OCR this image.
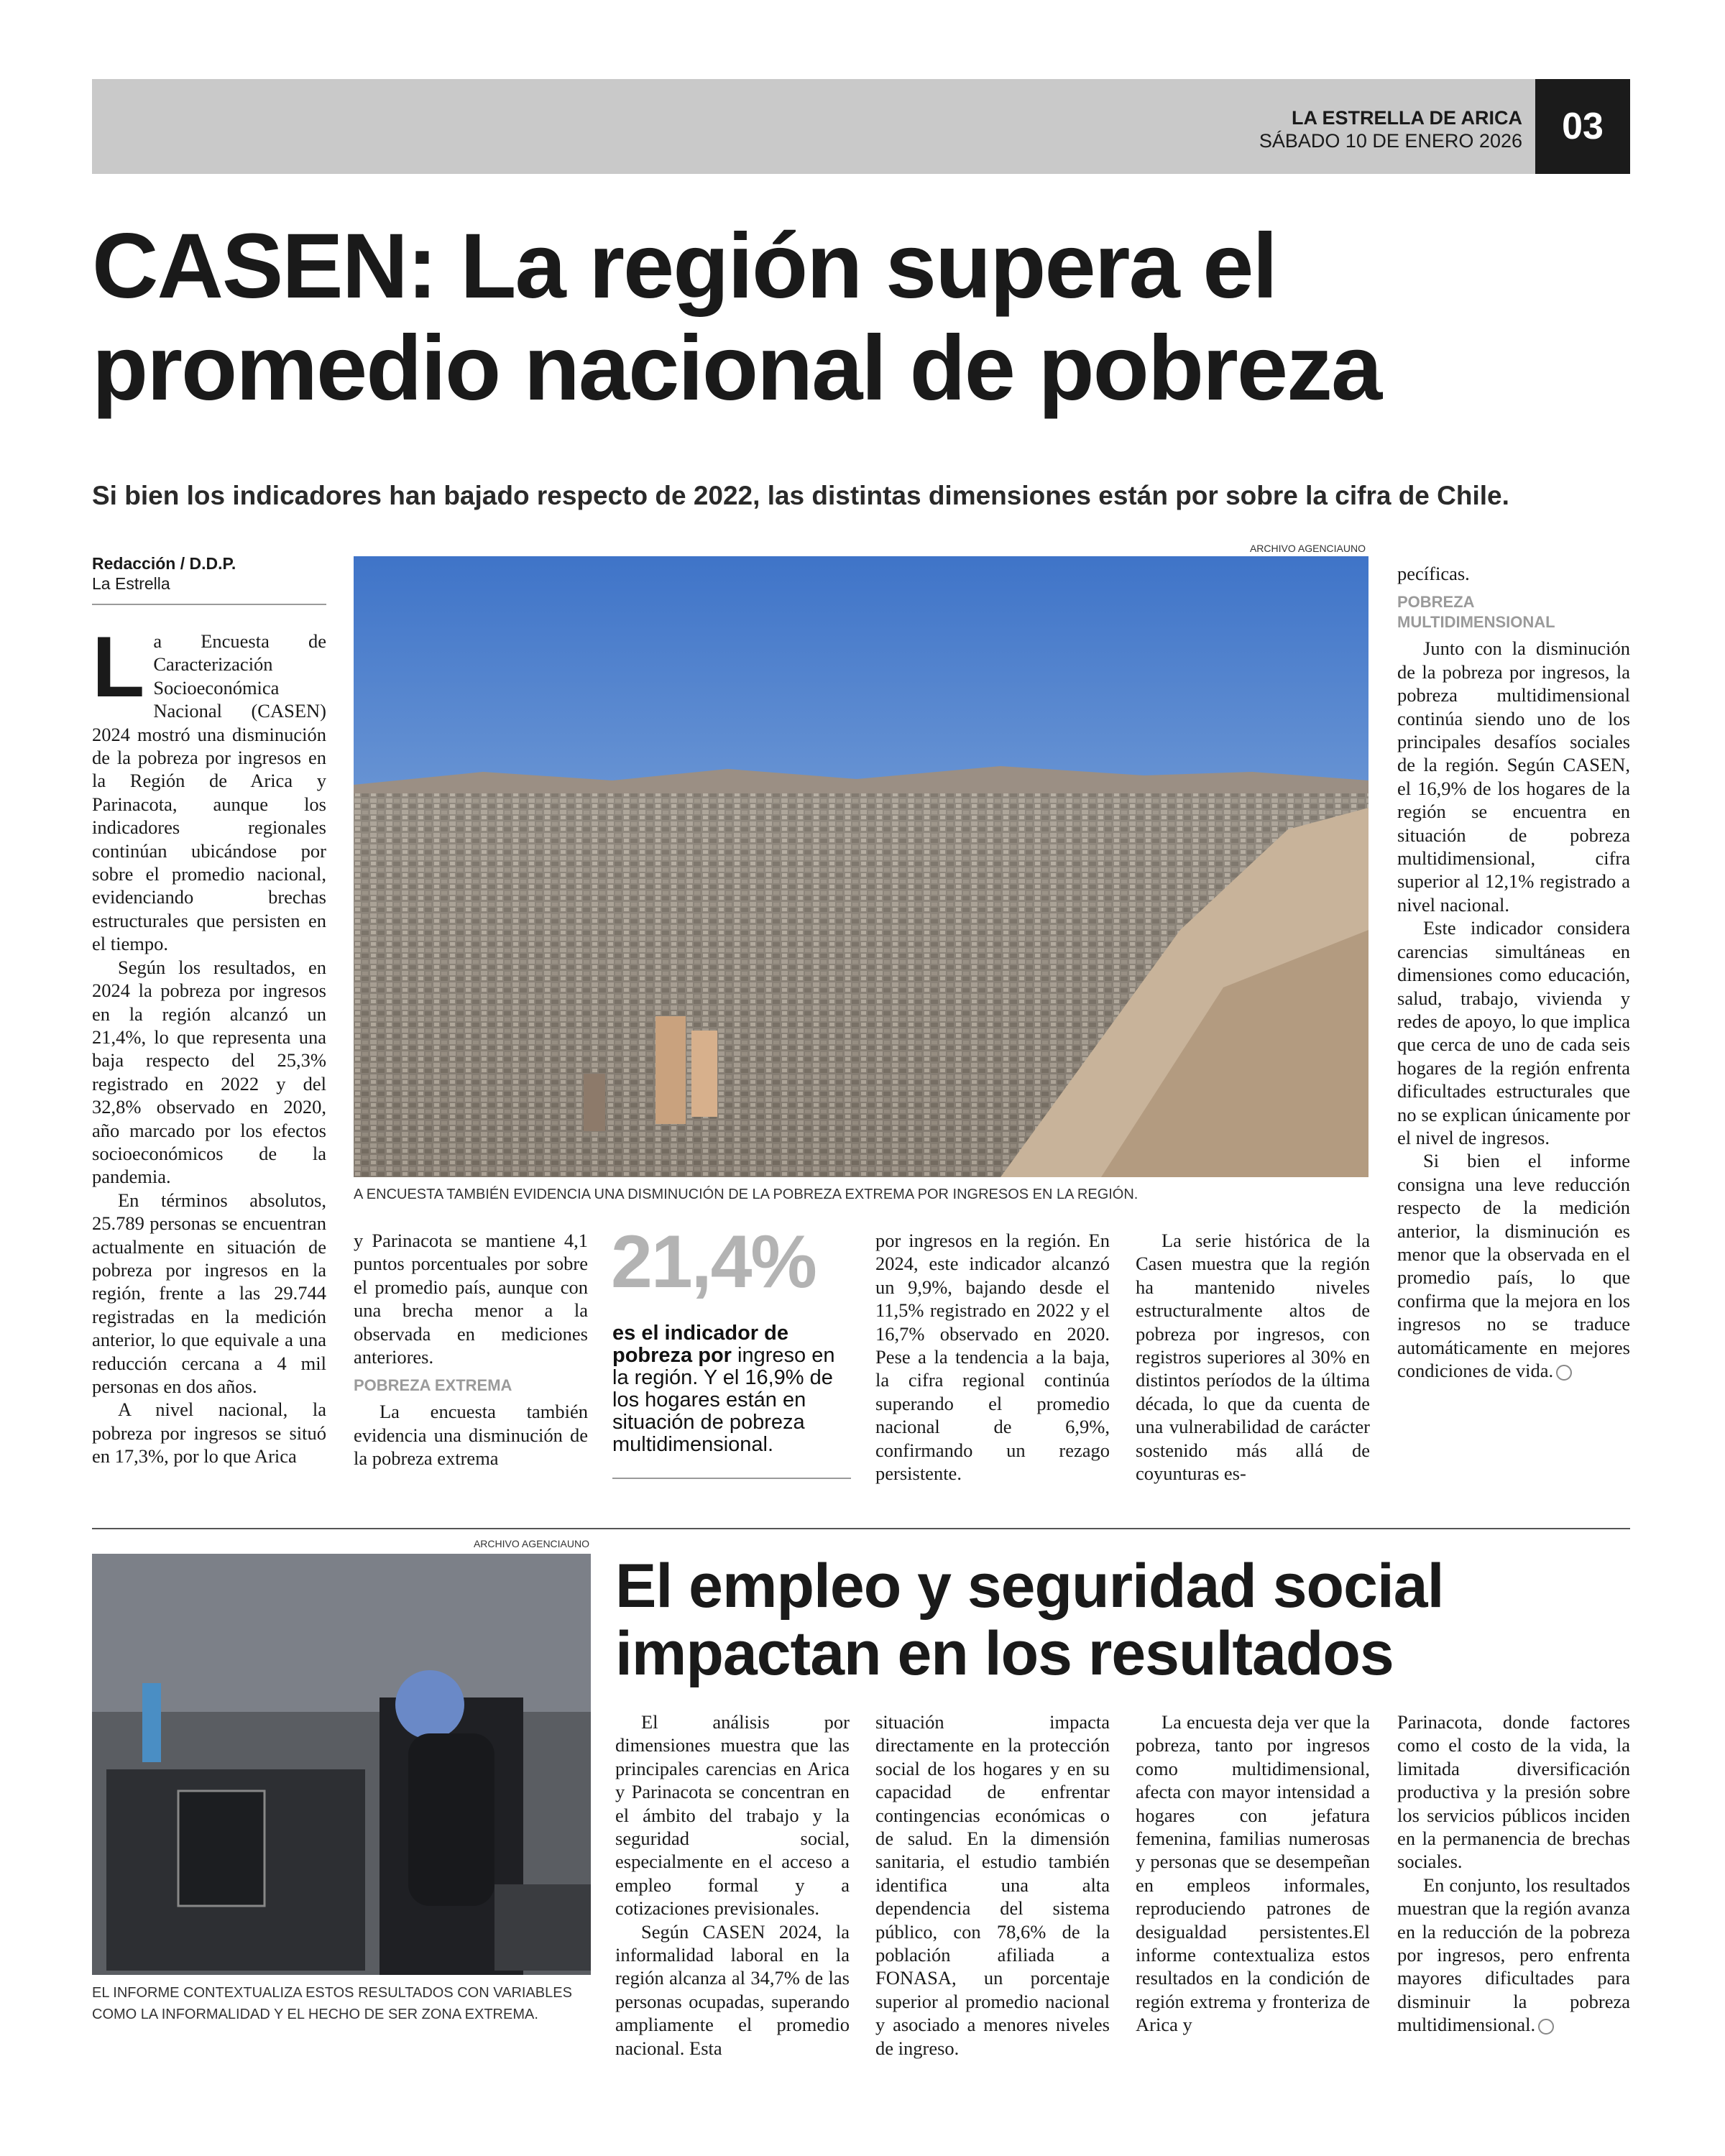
LA ESTRELLA DE ARICA
SÁBADO 10 DE ENERO 2026	03
CASEN: La región supera el promedio nacional de pobreza
Si bien los indicadores han bajado respecto de 2022, las distintas dimensiones están por sobre la cifra de Chile.
Redacción / D.D.P.
La Estrella
ARCHIVO AGENCIAUNO
A ENCUESTA TAMBIÉN EVIDENCIA UNA DISMINUCIÓN DE LA POBREZA EXTREMA POR INGRESOS EN LA REGIÓN.

La Encuesta de Caracterización Socioeconómica Nacional (CASEN) 2024 mostró una disminución de la pobreza por ingresos en la Región de Arica y Parinacota, aunque los indicadores regionales continúan ubicándose por sobre el promedio nacional, evidenciando brechas estructurales que persisten en el tiempo.

Según los resultados, en 2024 la pobreza por ingresos en la región alcanzó un 21,4%, lo que representa una baja respecto del 25,3% registrado en 2022 y del 32,8% observado en 2020, año marcado por los efectos socioeconómicos de la pandemia.

En términos absolutos, 25.789 personas se encuentran actualmente en situación de pobreza por ingresos en la región, frente a las 29.744 registradas en la medición anterior, lo que equivale a una reducción cercana a 4 mil personas en dos años.

A nivel nacional, la pobreza por ingresos se situó en 17,3%, por lo que Arica

y Parinacota se mantiene 4,1 puntos porcentuales por sobre el promedio país, aunque con una brecha menor a la observada en mediciones anteriores.

POBREZA EXTREMA

La encuesta también evidencia una disminución de la pobreza extrema

21,4%
es el indicador de pobreza por ingreso en la región. Y el 16,9% de los hogares están en situación de pobreza multidimensional.

por ingresos en la región. En 2024, este indicador alcanzó un 9,9%, bajando desde el 11,5% registrado en 2022 y el 16,7% observado en 2020. Pese a la tendencia a la baja, la cifra regional continúa superando el promedio nacional de 6,9%, confirmando un rezago persistente.

La serie histórica de la Casen muestra que la región ha mantenido niveles estructuralmente altos de pobreza por ingresos, con registros superiores al 30% en distintos períodos de la última década, lo que da cuenta de una vulnerabilidad de carácter sostenido más allá de coyunturas es-

pecíficas.

POBREZA MULTIDIMENSIONAL

Junto con la disminución de la pobreza por ingresos, la pobreza multidimensional continúa siendo uno de los principales desafíos sociales de la región. Según CASEN, el 16,9% de los hogares de la región se encuentra en situación de pobreza multidimensional, cifra superior al 12,1% registrado a nivel nacional.

Este indicador considera carencias simultáneas en dimensiones como educación, salud, trabajo, vivienda y redes de apoyo, lo que implica que cerca de uno de cada seis hogares de la región enfrenta dificultades estructurales que no se explican únicamente por el nivel de ingresos.

Si bien el informe consigna una leve reducción respecto de la medición anterior, la disminución es menor que la observada en el promedio país, lo que confirma que la mejora en los ingresos no se traduce automáticamente en mejores condiciones de vida.

ARCHIVO AGENCIAUNO
EL INFORME CONTEXTUALIZA ESTOS RESULTADOS CON VARIABLES COMO LA INFORMALIDAD Y EL HECHO DE SER ZONA EXTREMA.
El empleo y seguridad social impactan en los resultados

El análisis por dimensiones muestra que las principales carencias en Arica y Parinacota se concentran en el ámbito del trabajo y la seguridad social, especialmente en el acceso a empleo formal y a cotizaciones previsionales.

Según CASEN 2024, la informalidad laboral en la región alcanza al 34,7% de las personas ocupadas, superando ampliamente el promedio nacional. Esta

situación impacta directamente en la protección social de los hogares y en su capacidad de enfrentar contingencias económicas o de salud. En la dimensión sanitaria, el estudio también identifica una alta dependencia del sistema público, con 78,6% de la población afiliada a FONASA, un porcentaje superior al promedio nacional y asociado a menores niveles de ingreso.

La encuesta deja ver que la pobreza, tanto por ingresos como multidimensional, afecta con mayor intensidad a hogares con jefatura femenina, familias numerosas y personas que se desempeñan en empleos informales, reproduciendo patrones de desigualdad persistentes.El informe contextualiza estos resultados en la condición de región extrema y fronteriza de Arica y

Parinacota, donde factores como el costo de la vida, la limitada diversificación productiva y la presión sobre los servicios públicos inciden en la permanencia de brechas sociales.

En conjunto, los resultados muestran que la región avanza en la reducción de la pobreza por ingresos, pero enfrenta mayores dificultades para disminuir la pobreza multidimensional.
